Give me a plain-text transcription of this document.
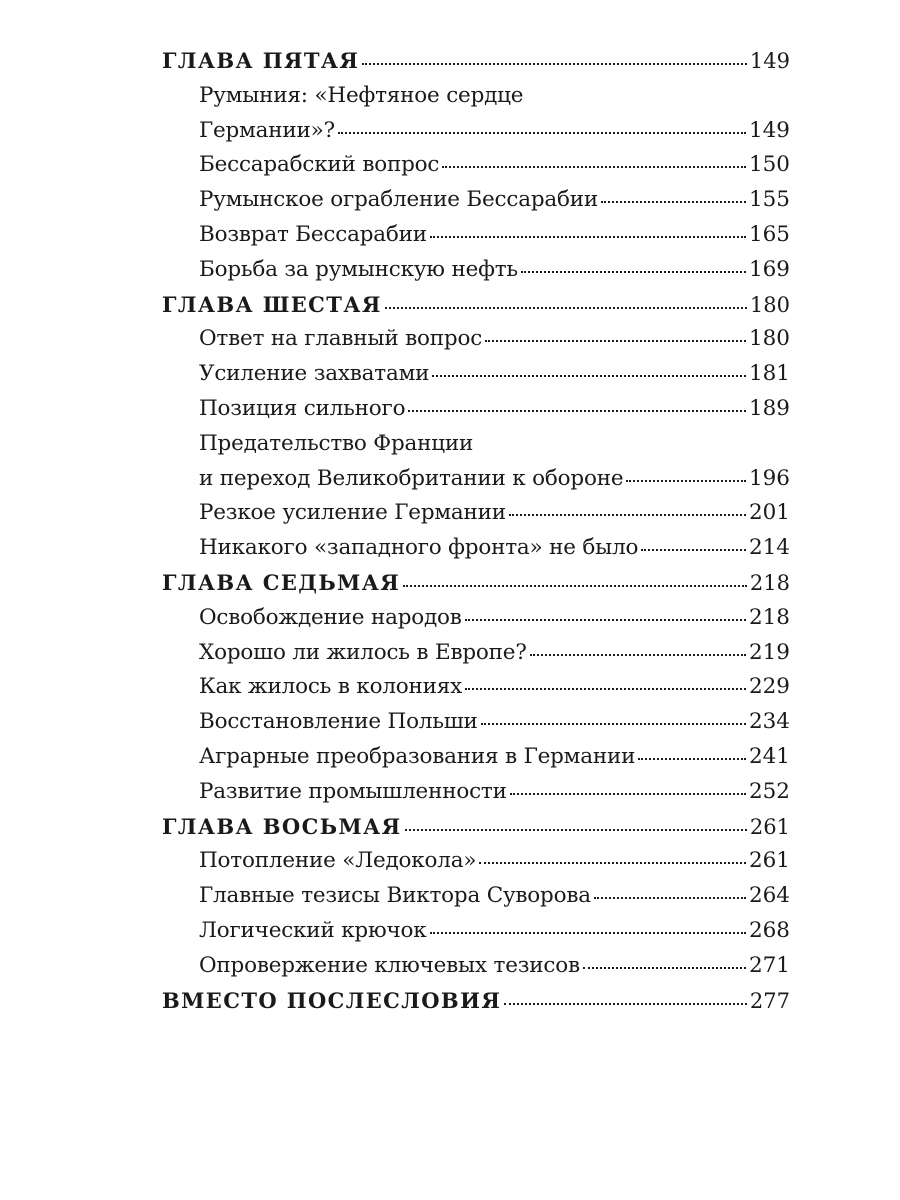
ГЛАВА ПЯТАЯ	149
Румыния: «Нефтяное сердце
Германии»?	149
Бессарабский вопрос	150
Румынское ограбление Бессарабии	155
Возврат Бессарабии	165
Борьба за румынскую нефть	169
ГЛАВА ШЕСТАЯ	180
Ответ на главный вопрос	180
Усиление захватами	181
Позиция сильного	189
Предательство Франции
и переход Великобритании к обороне	196
Резкое усиление Германии	201
Никакого «западного фронта» не было	214
ГЛАВА СЕДЬМАЯ	218
Освобождение народов	218
Хорошо ли жилось в Европе?	219
Как жилось в колониях	229
Восстановление Польши	234
Аграрные преобразования в Германии	241
Развитие промышленности	252
ГЛАВА ВОСЬМАЯ	261
Потопление «Ледокола»	261
Главные тезисы Виктора Суворова	264
Логический крючок	268
Опровержение ключевых тезисов	271
ВМЕСТО ПОСЛЕСЛОВИЯ	277
